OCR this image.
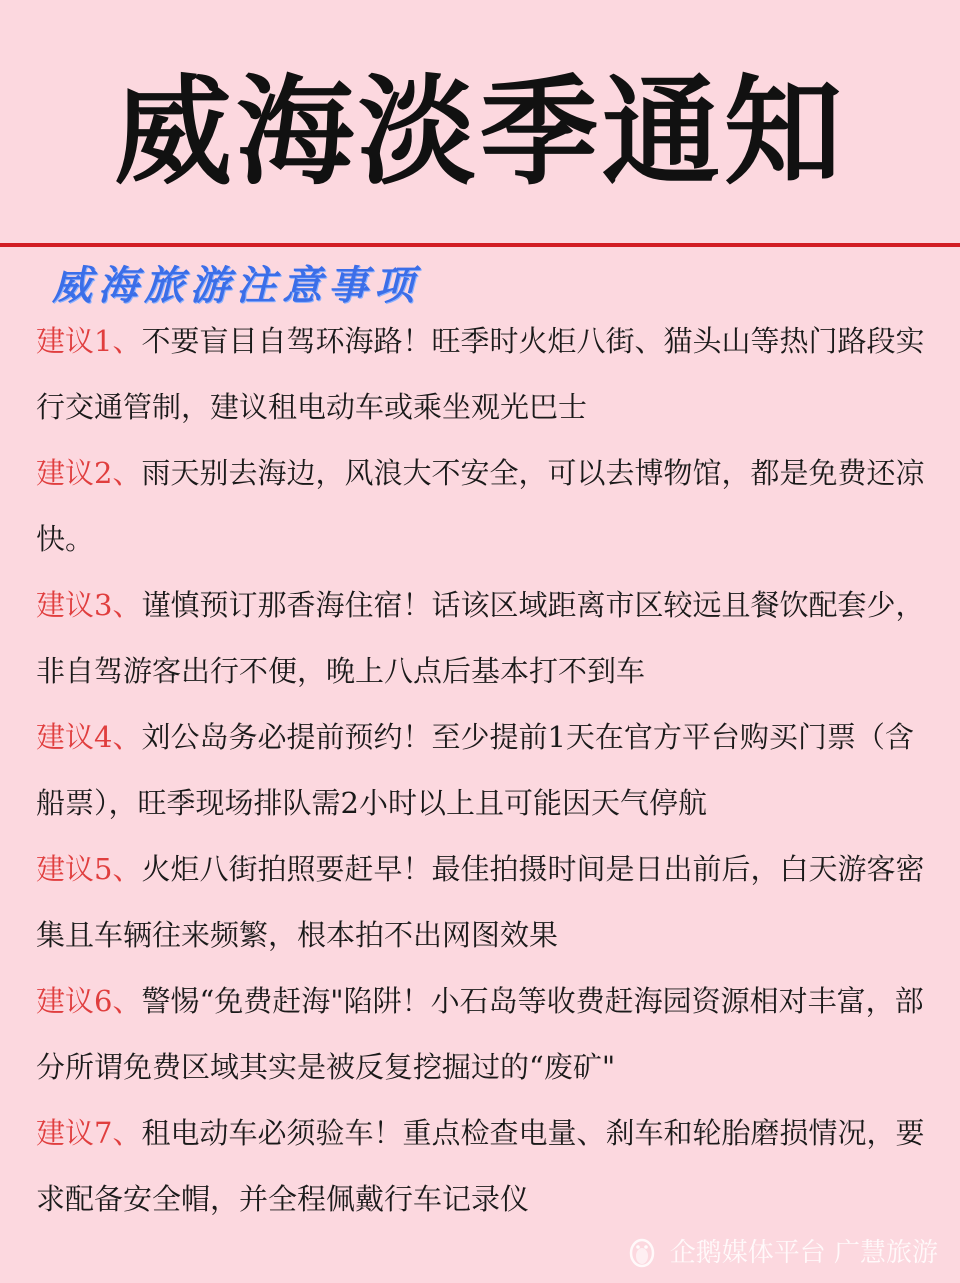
威海淡季通知
威海旅游注意事项
建议1、不要盲目自驾环海路！旺季时火炬八街、猫头山等热门路段实行交通管制，建议租电动车或乘坐观光巴士
建议2、雨天别去海边，风浪大不安全，可以去博物馆，都是免费还凉快。
建议3、谨慎预订那香海住宿！话该区域距离市区较远且餐饮配套少，非自驾游客出行不便，晚上八点后基本打不到车
建议4、刘公岛务必提前预约！至少提前1天在官方平台购买门票（含船票），旺季现场排队需2小时以上且可能因天气停航
建议5、火炬八街拍照要赶早！最佳拍摄时间是日出前后，白天游客密集且车辆往来频繁，根本拍不出网图效果
建议6、警惕“免费赶海"陷阱！小石岛等收费赶海园资源相对丰富，部分所谓免费区域其实是被反复挖掘过的“废矿"
建议7、租电动车必须验车！重点检查电量、刹车和轮胎磨损情况，要求配备安全帽，并全程佩戴行车记录仪
企鹅媒体平台 广慧旅游
